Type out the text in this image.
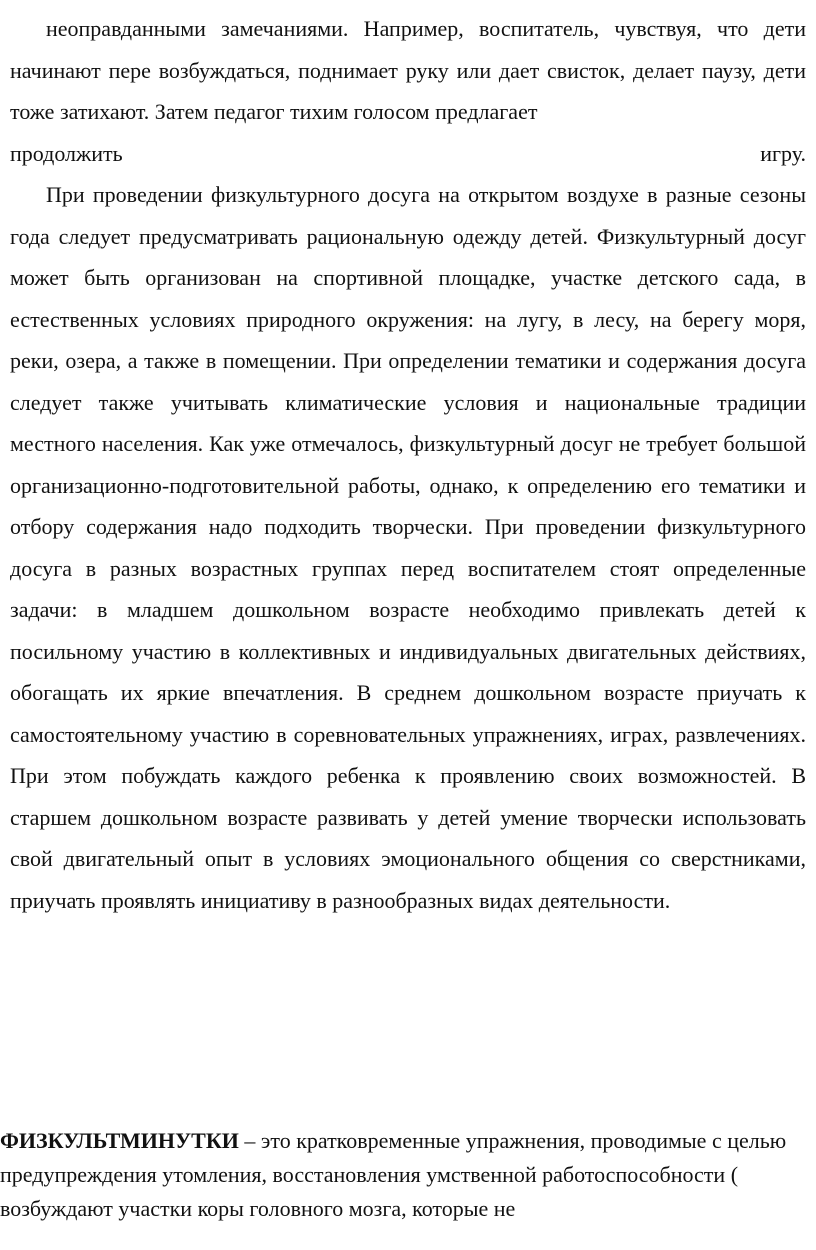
неоправданными замечаниями. Например, воспитатель, чувствуя, что дети начинают пере возбуждаться, поднимает руку или дает свисток, делает паузу, дети тоже затихают. Затем педагог тихим голосом предлагает
продолжить	игру.
При проведении физкультурного досуга на открытом воздухе в разные сезоны года следует предусматривать рациональную одежду детей. Физкультурный досуг может быть организован на спортивной площадке, участке детского сада, в естественных условиях природного окружения: на лугу, в лесу, на берегу моря, реки, озера, а также в помещении. При определении тематики и содержания досуга следует также учитывать климатические условия и национальные традиции местного населения. Как уже отмечалось, физкультурный досуг не требует большой организационно-подготовительной работы, однако, к определению его тематики и отбору содержания надо подходить творчески. При проведении физкультурного досуга в разных возрастных группах перед воспитателем стоят определенные задачи: в младшем дошкольном возрасте необходимо привлекать детей к посильному участию в коллективных и индивидуальных двигательных действиях, обогащать их яркие впечатления. В среднем дошкольном возрасте приучать к самостоятельному участию в соревновательных упражнениях, играх, развлечениях. При этом побуждать каждого ребенка к проявлению своих возможностей. В старшем дошкольном возрасте развивать у детей умение творчески использовать свой двигательный опыт в условиях эмоционального общения со сверстниками, приучать проявлять инициативу в разнообразных видах деятельности.

ФИЗКУЛЬТМИНУТКИ – это кратковременные упражнения, проводимые с целью предупреждения утомления, восстановления умственной работоспособности ( возбуждают участки коры головного мозга, которые не
